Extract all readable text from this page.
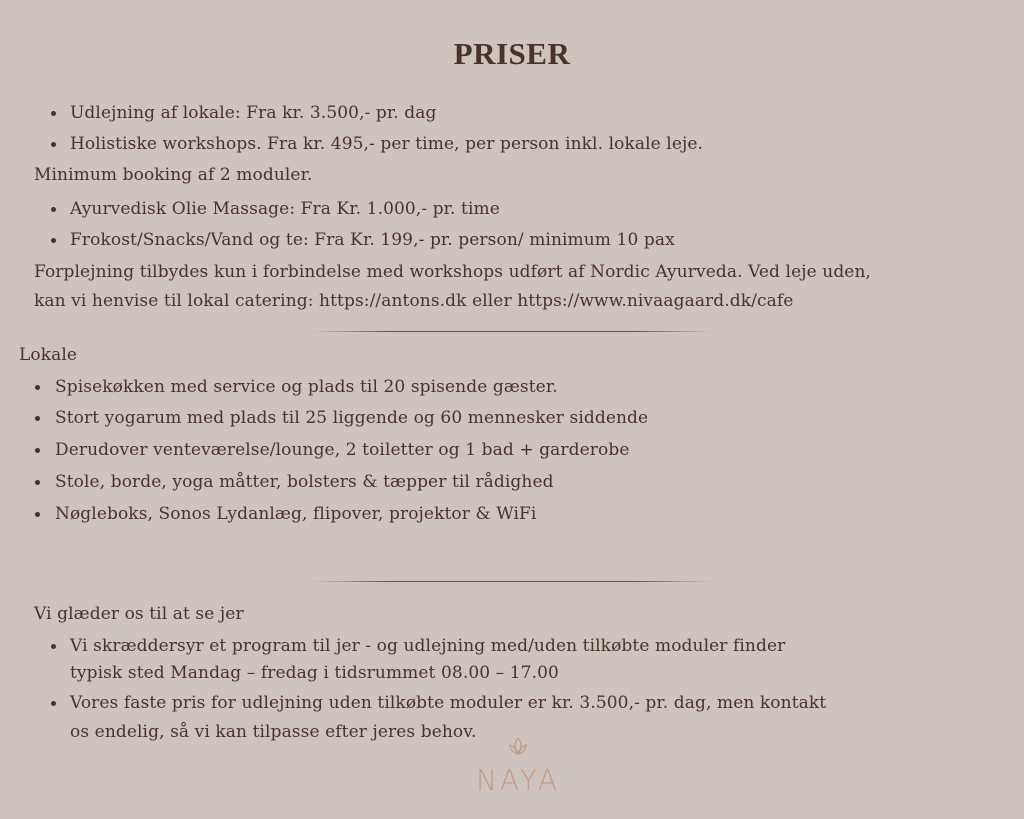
PRISER
Udlejning af lokale: Fra kr. 3.500,- pr. dag
Holistiske workshops. Fra kr. 495,- per time, per person inkl. lokale leje.
Minimum booking af 2 moduler.
Ayurvedisk Olie Massage: Fra Kr. 1.000,- pr. time
Frokost/Snacks/Vand og te: Fra Kr. 199,- pr. person/ minimum 10 pax
Forplejning tilbydes kun i forbindelse med workshops udført af Nordic Ayurveda. Ved leje uden,
kan vi henvise til lokal catering: https://antons.dk eller https://www.nivaagaard.dk/cafe
Lokale
Spisekøkken med service og plads til 20 spisende gæster.
Stort yogarum med plads til 25 liggende og 60 mennesker siddende
Derudover venteværelse/lounge, 2 toiletter og 1 bad + garderobe
Stole, borde, yoga måtter, bolsters & tæpper til rådighed
Nøgleboks, Sonos Lydanlæg, flipover, projektor & WiFi
Vi glæder os til at se jer
Vi skræddersyr et program til jer - og udlejning med/uden tilkøbte moduler finder
typisk sted Mandag – fredag i tidsrummet 08.00 – 17.00
Vores faste pris for udlejning uden tilkøbte moduler er kr. 3.500,- pr. dag, men kontakt
os endelig, så vi kan tilpasse efter jeres behov.
NAYA
